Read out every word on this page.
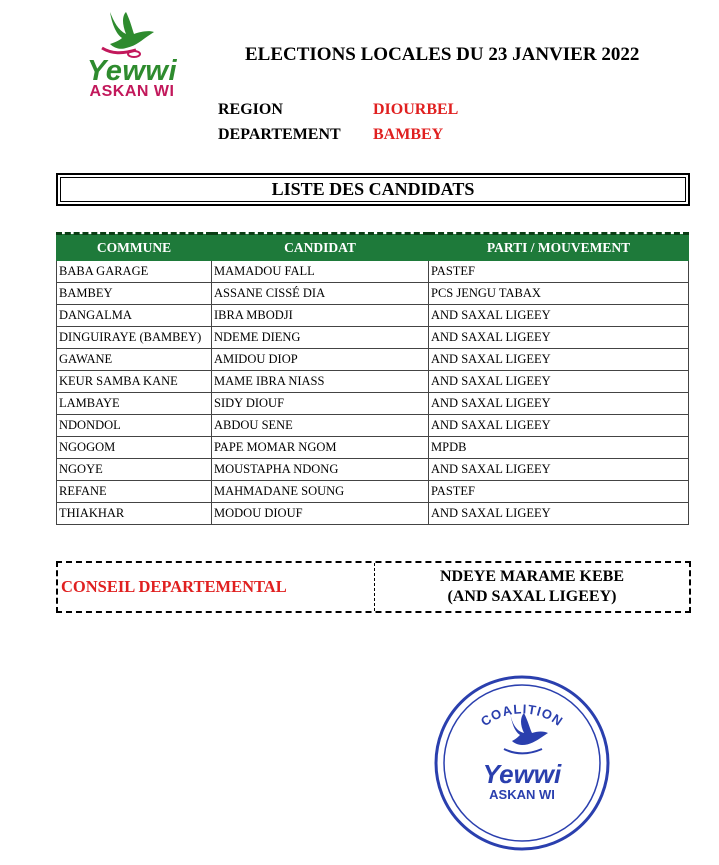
Yewwi
ASKAN WI
ELECTIONS LOCALES DU 23 JANVIER 2022
REGION	DIOURBEL
DEPARTEMENT BAMBEY
LISTE DES CANDIDATS
COMMUNE	CANDIDAT	PARTI / MOUVEMENT
BABA GARAGE	MAMADOU FALL	PASTEF
BAMBEY	ASSANE CISSÉ DIA	PCS JENGU TABAX
DANGALMA	IBRA MBODJI	AND SAXAL LIGEEY
DINGUIRAYE (BAMBEY)	NDEME DIENG	AND SAXAL LIGEEY
GAWANE	AMIDOU DIOP	AND SAXAL LIGEEY
KEUR SAMBA KANE	MAME IBRA NIASS	AND SAXAL LIGEEY
LAMBAYE	SIDY DIOUF	AND SAXAL LIGEEY
NDONDOL	ABDOU SENE	AND SAXAL LIGEEY
NGOGOM	PAPE MOMAR NGOM	MPDB
NGOYE	MOUSTAPHA NDONG	AND SAXAL LIGEEY
REFANE	MAHMADANE SOUNG	PASTEF
THIAKHAR	MODOU DIOUF	AND SAXAL LIGEEY
CONSEIL DEPARTEMENTAL
NDEYE MARAME KEBE
(AND SAXAL LIGEEY)
COALITION
Yewwi
ASKAN WI
